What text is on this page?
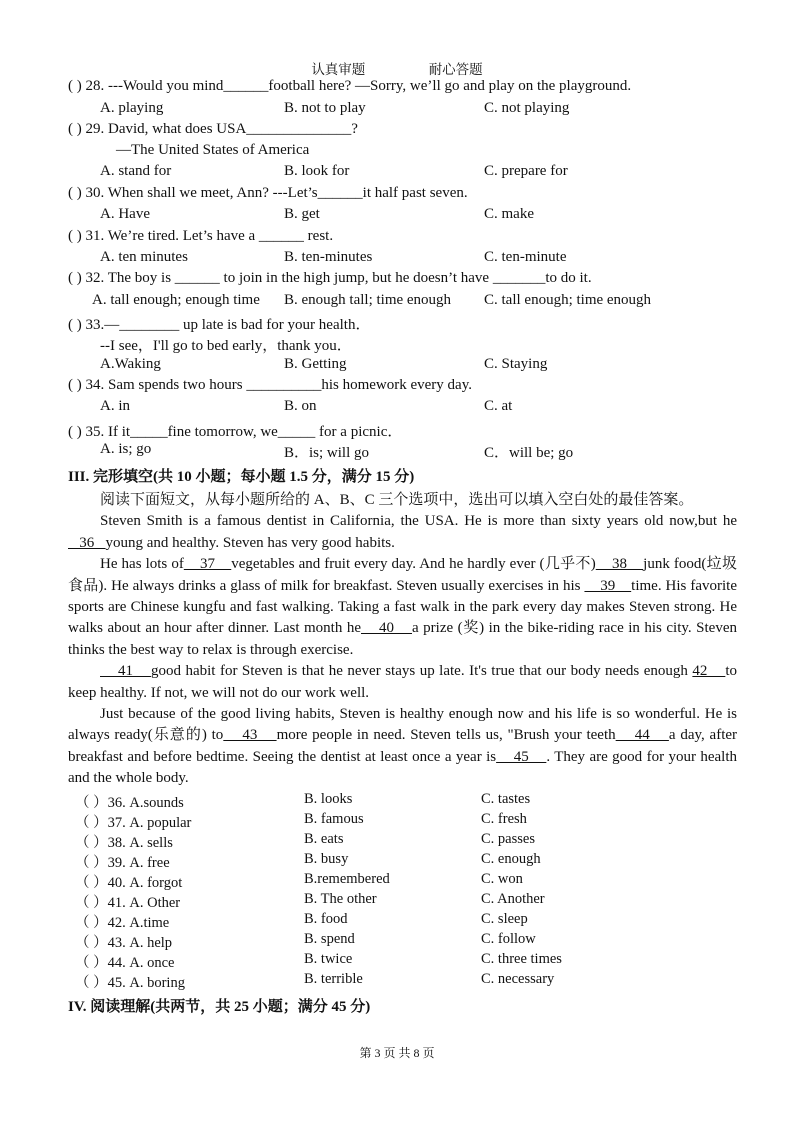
认真审题	耐心答题
( ) 28. ---Would you mind______football here? —Sorry, we’ll go and play on the playground.
A. playing	B. not to play	C. not playing
( ) 29. David, what does USA______________?
—The United States of America
A. stand for	B. look for	C. prepare for
( ) 30. When shall we meet, Ann? ---Let’s______it half past seven.
A. Have	B. get	C. make
( ) 31. We’re tired. Let’s have a ______ rest.
A. ten minutes	B. ten-minutes	C. ten-minute
( ) 32. The boy is ______ to join in the high jump, but he doesn’t have _______to do it.
A. tall enough; enough time B. enough tall; time enough C. tall enough; time enough
( ) 33.—________ up late is bad for your health．
--I see，I'll go to bed early，thank you．
A.Waking	B. Getting	C. Staying
( ) 34. Sam spends two hours __________his homework every day.
A. in	B. on	C. at
( ) 35. If it_____fine tomorrow, we_____ for a picnic．
A. is; go	B．is; will go	C．will be; go
III. 完形填空(共 10 小题；每小题 1.5 分，满分 15 分)

阅读下面短文，从每小题所给的 A、B、C 三个选项中，选出可以填入空白处的最佳答案。

Steven Smith is a famous dentist in California, the USA. He is more than sixty years old now,but he   36   young and healthy. Steven has very good habits.

He has lots of    37    vegetables and fruit every day. And he hardly ever (几乎不)    38    junk food(垃圾食品). He always drinks a glass of milk for breakfast. Steven usually exercises in his     39    time. His favorite sports are Chinese kungfu and fast walking. Taking a fast walk in the park every day makes Steven strong. He walks about an hour after dinner. Last month he    40    a prize (奖) in the bike-riding race in his city. Steven thinks the best way to relax is through exercise.

41    good habit for Steven is that he never stays up late. It's true that our body needs enough 42    to keep healthy. If not, we will not do our work well.

Just because of the good living habits, Steven is healthy enough now and his life is so wonderful. He is always ready(乐意的) to    43    more people in need. Steven tells us, "Brush your teeth    44    a day, after breakfast and before bedtime. Seeing the dentist at least once a year is    45    . They are good for your health and the whole body.

（ ）36. A.sounds	B. looks	C. tastes
（ ）37. A. popular	B. famous	C. fresh
（ ）38. A. sells	B. eats	C. passes
（ ）39. A. free	B. busy	C. enough
（ ）40. A. forgot	B.remembered	C. won
（ ）41. A. Other	B. The other	C. Another
（ ）42. A.time	B. food	C. sleep
（ ）43. A. help	B. spend	C. follow
（ ）44. A. once	B. twice	C. three times
（ ）45. A. boring	B. terrible	C. necessary
IV. 阅读理解(共两节，共 25 小题；满分 45 分)
第 3 页 共 8 页
